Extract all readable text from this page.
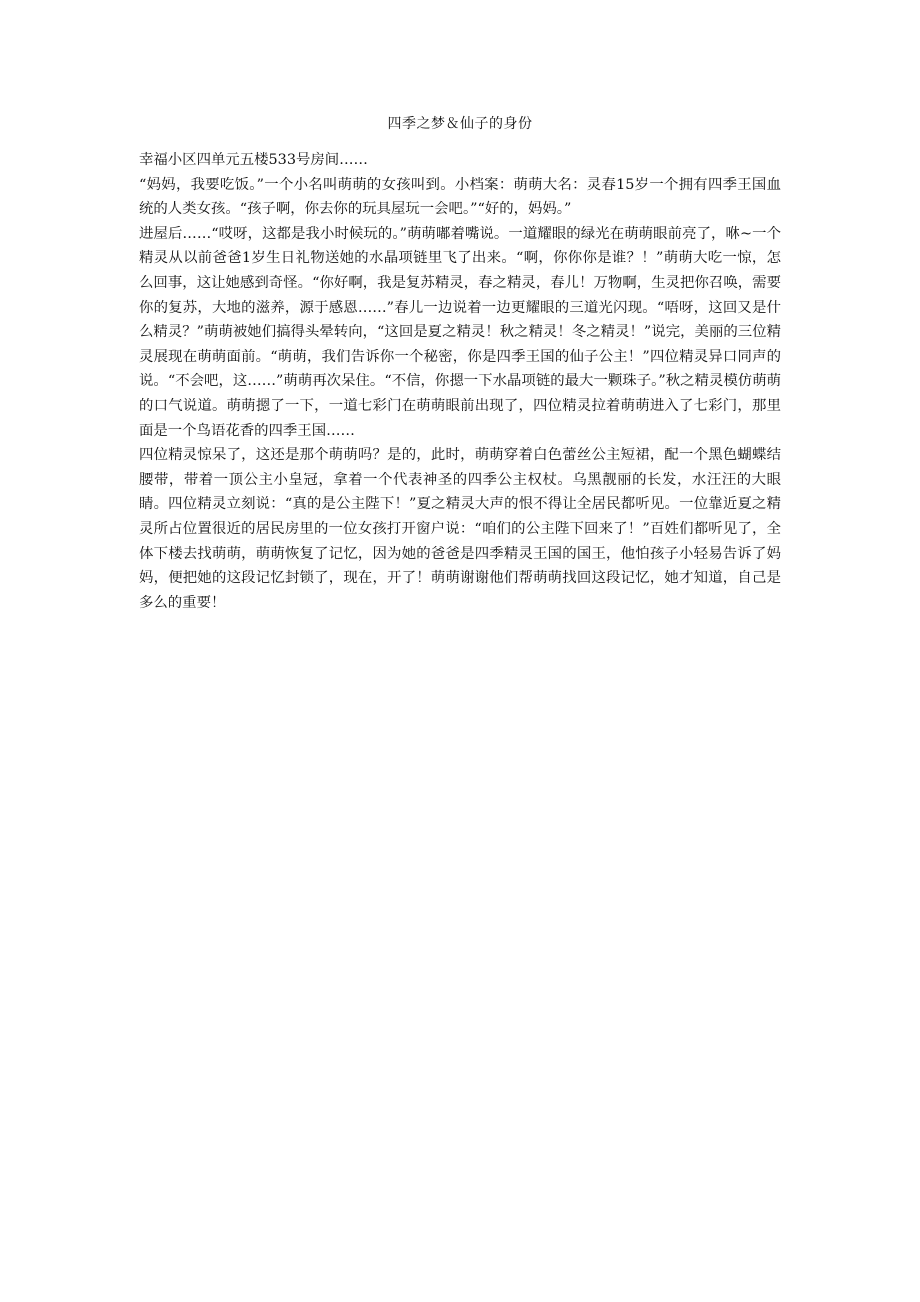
四季之梦＆仙子的身份

幸福小区四单元五楼533号房间……

“妈妈，我要吃饭。”一个小名叫萌萌的女孩叫到。小档案：萌萌大名：灵春15岁一个拥有四季王国血统的人类女孩。“孩子啊，你去你的玩具屋玩一会吧。”“好的，妈妈。”

进屋后……“哎呀，这都是我小时候玩的。”萌萌嘟着嘴说。一道耀眼的绿光在萌萌眼前亮了，咻~一个精灵从以前爸爸1岁生日礼物送她的水晶项链里飞了出来。“啊，你你你是谁？！”萌萌大吃一惊，怎么回事，这让她感到奇怪。“你好啊，我是复苏精灵，春之精灵，春儿！万物啊，生灵把你召唤，需要你的复苏，大地的滋养，源于感恩……”春儿一边说着一边更耀眼的三道光闪现。“唔呀，这回又是什么精灵？”萌萌被她们搞得头晕转向，“这回是夏之精灵！秋之精灵！冬之精灵！”说完，美丽的三位精灵展现在萌萌面前。“萌萌，我们告诉你一个秘密，你是四季王国的仙子公主！”四位精灵异口同声的说。“不会吧，这……”萌萌再次呆住。“不信，你摁一下水晶项链的最大一颗珠子。”秋之精灵模仿萌萌的口气说道。萌萌摁了一下，一道七彩门在萌萌眼前出现了，四位精灵拉着萌萌进入了七彩门，那里面是一个鸟语花香的四季王国……

四位精灵惊呆了，这还是那个萌萌吗？是的，此时，萌萌穿着白色蕾丝公主短裙，配一个黑色蝴蝶结腰带，带着一顶公主小皇冠，拿着一个代表神圣的四季公主权杖。乌黑靓丽的长发，水汪汪的大眼睛。四位精灵立刻说：“真的是公主陛下！”夏之精灵大声的恨不得让全居民都听见。一位靠近夏之精灵所占位置很近的居民房里的一位女孩打开窗户说：“咱们的公主陛下回来了！”百姓们都听见了，全体下楼去找萌萌，萌萌恢复了记忆，因为她的爸爸是四季精灵王国的国王，他怕孩子小轻易告诉了妈妈，便把她的这段记忆封锁了，现在，开了！萌萌谢谢他们帮萌萌找回这段记忆，她才知道，自己是多么的重要！
